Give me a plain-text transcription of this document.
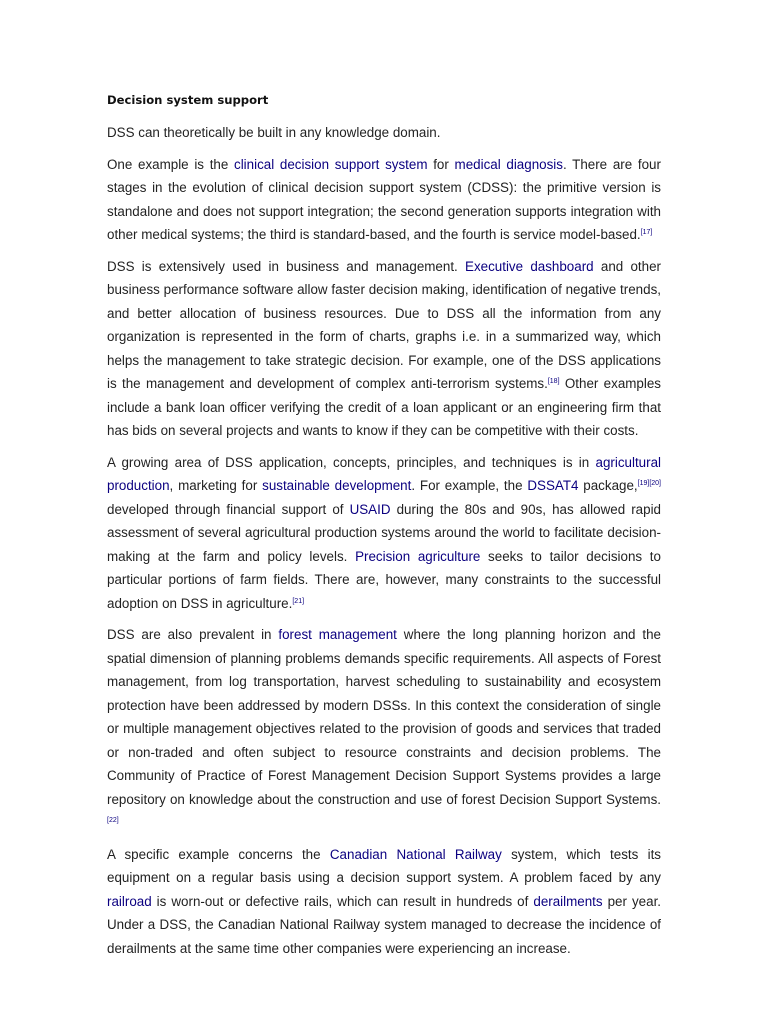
Decision system support

DSS can theoretically be built in any knowledge domain.

One example is the clinical decision support system for medical diagnosis. There are four stages in the evolution of clinical decision support system (CDSS): the primitive version is standalone and does not support integration; the second generation supports integration with other medical systems; the third is standard-based, and the fourth is service model-based.[17]

DSS is extensively used in business and management. Executive dashboard and other business performance software allow faster decision making, identification of negative trends, and better allocation of business resources. Due to DSS all the information from any organization is represented in the form of charts, graphs i.e. in a summarized way, which helps the management to take strategic decision. For example, one of the DSS applications is the management and development of complex anti-terrorism systems.[18] Other examples include a bank loan officer verifying the credit of a loan applicant or an engineering firm that has bids on several projects and wants to know if they can be competitive with their costs.

A growing area of DSS application, concepts, principles, and techniques is in agricultural production, marketing for sustainable development. For example, the DSSAT4 package,[19][20] developed through financial support of USAID during the 80s and 90s, has allowed rapid assessment of several agricultural production systems around the world to facilitate decision-making at the farm and policy levels. Precision agriculture seeks to tailor decisions to particular portions of farm fields. There are, however, many constraints to the successful adoption on DSS in agriculture.[21]

DSS are also prevalent in forest management where the long planning horizon and the spatial dimension of planning problems demands specific requirements. All aspects of Forest management, from log transportation, harvest scheduling to sustainability and ecosystem protection have been addressed by modern DSSs. In this context the consideration of single or multiple management objectives related to the provision of goods and services that traded or non-traded and often subject to resource constraints and decision problems. The Community of Practice of Forest Management Decision Support Systems provides a large repository on knowledge about the construction and use of forest Decision Support Systems.[22]

A specific example concerns the Canadian National Railway system, which tests its equipment on a regular basis using a decision support system. A problem faced by any railroad is worn-out or defective rails, which can result in hundreds of derailments per year. Under a DSS, the Canadian National Railway system managed to decrease the incidence of derailments at the same time other companies were experiencing an increase.
